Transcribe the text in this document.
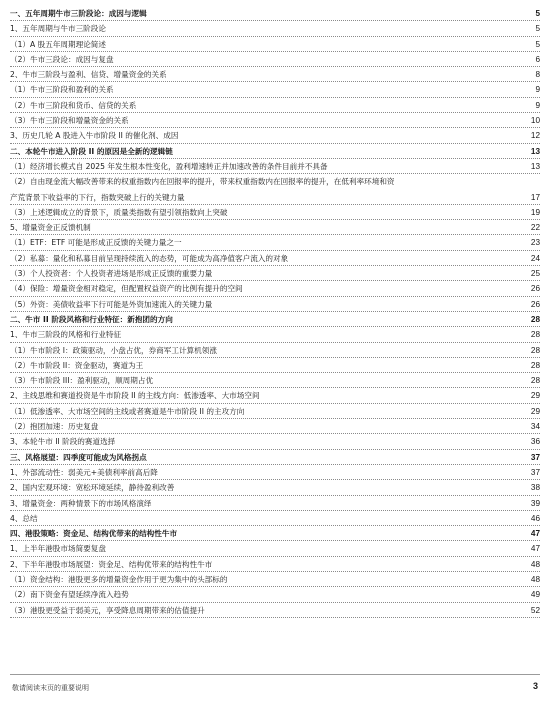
一、五年周期牛市三阶段论：成因与逻辑	5
1、五年周期与牛市三阶段论	5
（1）A 股五年周期理论简述	5
（2）牛市三段论：成因与复盘	6
2、牛市三阶段与盈利、信贷、增量资金的关系	8
（1）牛市三阶段和盈利的关系	9
（2）牛市三阶段和货币、信贷的关系	9
（3）牛市三阶段和增量资金的关系	10
3、历史几轮 A 股进入牛市阶段 II 的催化剂、成因	12
二、本轮牛市进入阶段 II 的原因是全新的逻辑链	13
（1）经济增长模式自 2025 年发生根本性变化，盈利增速转正并加速改善的条件目前并不具备	13
（2）自由现金流大幅改善带来的权重指数内在回报率的提升，带来权重指数内在回报率的提升，在低利率环境和资
产荒背景下收益率的下行，指数突破上行的关键力量	17
（3）上述逻辑成立的背景下，质量类指数有望引领指数向上突破	19
5、增量资金正反馈机制	22
（1）ETF：ETF 可能是形成正反馈的关键力量之一	23
（2）私募：量化和私募目前呈现持续流入的态势，可能成为高净值客户流入的对象	24
（3）个人投资者：个人投资者进场是形成正反馈的重要力量	25
（4）保险：增量资金相对稳定，但配置权益资产的比例有提升的空间	26
（5）外资：美债收益率下行可能是外资加速流入的关键力量	26
二、牛市 II 阶段风格和行业特征：新抱团的方向	28
1、牛市三阶段的风格和行业特征	28
（1）牛市阶段 I：政策驱动，小盘占优，券商军工计算机领涨	28
（2）牛市阶段 II：资金驱动，赛道为王	28
（3）牛市阶段 III：盈利驱动，顺周期占优	28
2、主线思维和赛道投资是牛市阶段 II 的主线方向：低渗透率、大市场空间	29
（1）低渗透率、大市场空间的主线或者赛道是牛市阶段 II 的主攻方向	29
（2）抱团加速：历史复盘	34
3、本轮牛市 II 阶段的赛道选择	36
三、风格展望：四季度可能成为风格拐点	37
1、外部流动性：弱美元+美债利率前高后降	37
2、国内宏观环境：宽松环境延续，静待盈利改善	38
3、增量资金：两种情景下的市场风格演绎	39
4、总结	46
四、港股策略：资金足、结构优带来的结构性牛市	47
1、上半年港股市场简要复盘	47
2、下半年港股市场展望：资金足、结构优带来的结构性牛市	48
（1）资金结构：港股更多的增量资金作用于更为集中的头部标的	48
（2）南下资金有望延续净流入趋势	49
（3）港股更受益于弱美元，享受降息周期带来的估值提升	52
敬请阅读末页的重要说明	3
